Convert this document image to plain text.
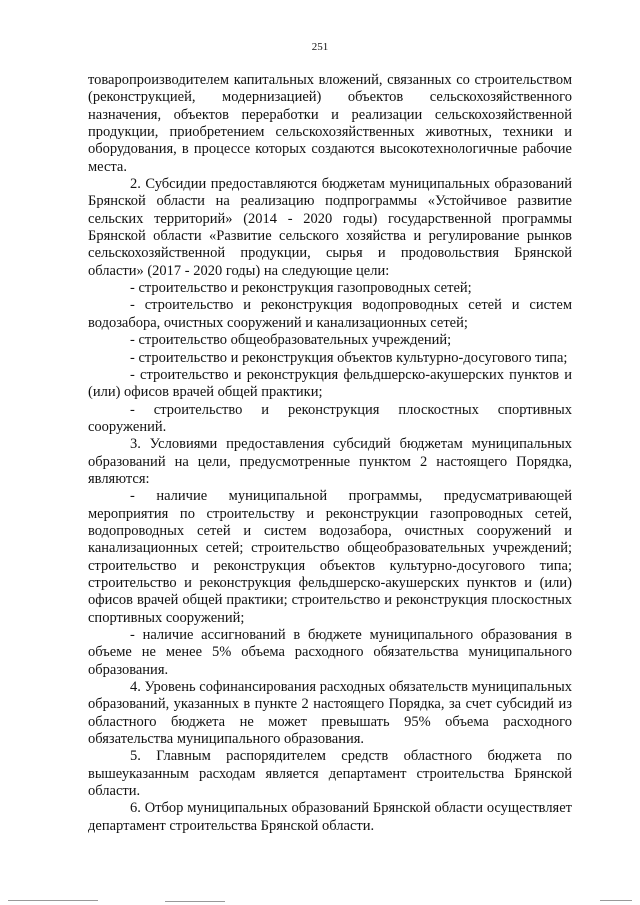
251

товаропроизводителем капитальных вложений, связанных со строительством (реконструкцией, модернизацией) объектов сельскохозяйственного назначения, объектов переработки и реализации сельскохозяйственной продукции, приобретением сельскохозяйственных животных, техники и оборудования, в процессе которых создаются высокотехнологичные рабочие места.

2. Субсидии предоставляются бюджетам муниципальных образований Брянской области на реализацию подпрограммы «Устойчивое развитие сельских территорий» (2014 - 2020 годы) государственной программы Брянской области «Развитие сельского хозяйства и регулирование рынков сельскохозяйственной продукции, сырья и продовольствия Брянской области» (2017 - 2020 годы) на следующие цели:

- строительство и реконструкция газопроводных сетей;

- строительство и реконструкция водопроводных сетей и систем водозабора, очистных сооружений и канализационных сетей;

- строительство общеобразовательных учреждений;

- строительство и реконструкция объектов культурно-досугового типа;

- строительство и реконструкция фельдшерско-акушерских пунктов и (или) офисов врачей общей практики;

- строительство и реконструкция плоскостных спортивных сооружений.

3. Условиями предоставления субсидий бюджетам муниципальных образований на цели, предусмотренные пунктом 2 настоящего Порядка, являются:

- наличие муниципальной программы, предусматривающей мероприятия по строительству и реконструкции газопроводных сетей, водопроводных сетей и систем водозабора, очистных сооружений и канализационных сетей; строительство общеобразовательных учреждений; строительство и реконструкция объектов культурно-досугового типа; строительство и реконструкция фельдшерско-акушерских пунктов и (или) офисов врачей общей практики; строительство и реконструкция плоскостных спортивных сооружений;

- наличие ассигнований в бюджете муниципального образования в объеме не менее 5% объема расходного обязательства муниципального образования.

4. Уровень софинансирования расходных обязательств муниципальных образований, указанных в пункте 2 настоящего Порядка, за счет субсидий из областного бюджета не может превышать 95% объема расходного обязательства муниципального образования.

5. Главным распорядителем средств областного бюджета по вышеуказанным расходам является департамент строительства Брянской области.

6. Отбор муниципальных образований Брянской области осуществляет департамент строительства Брянской области.
